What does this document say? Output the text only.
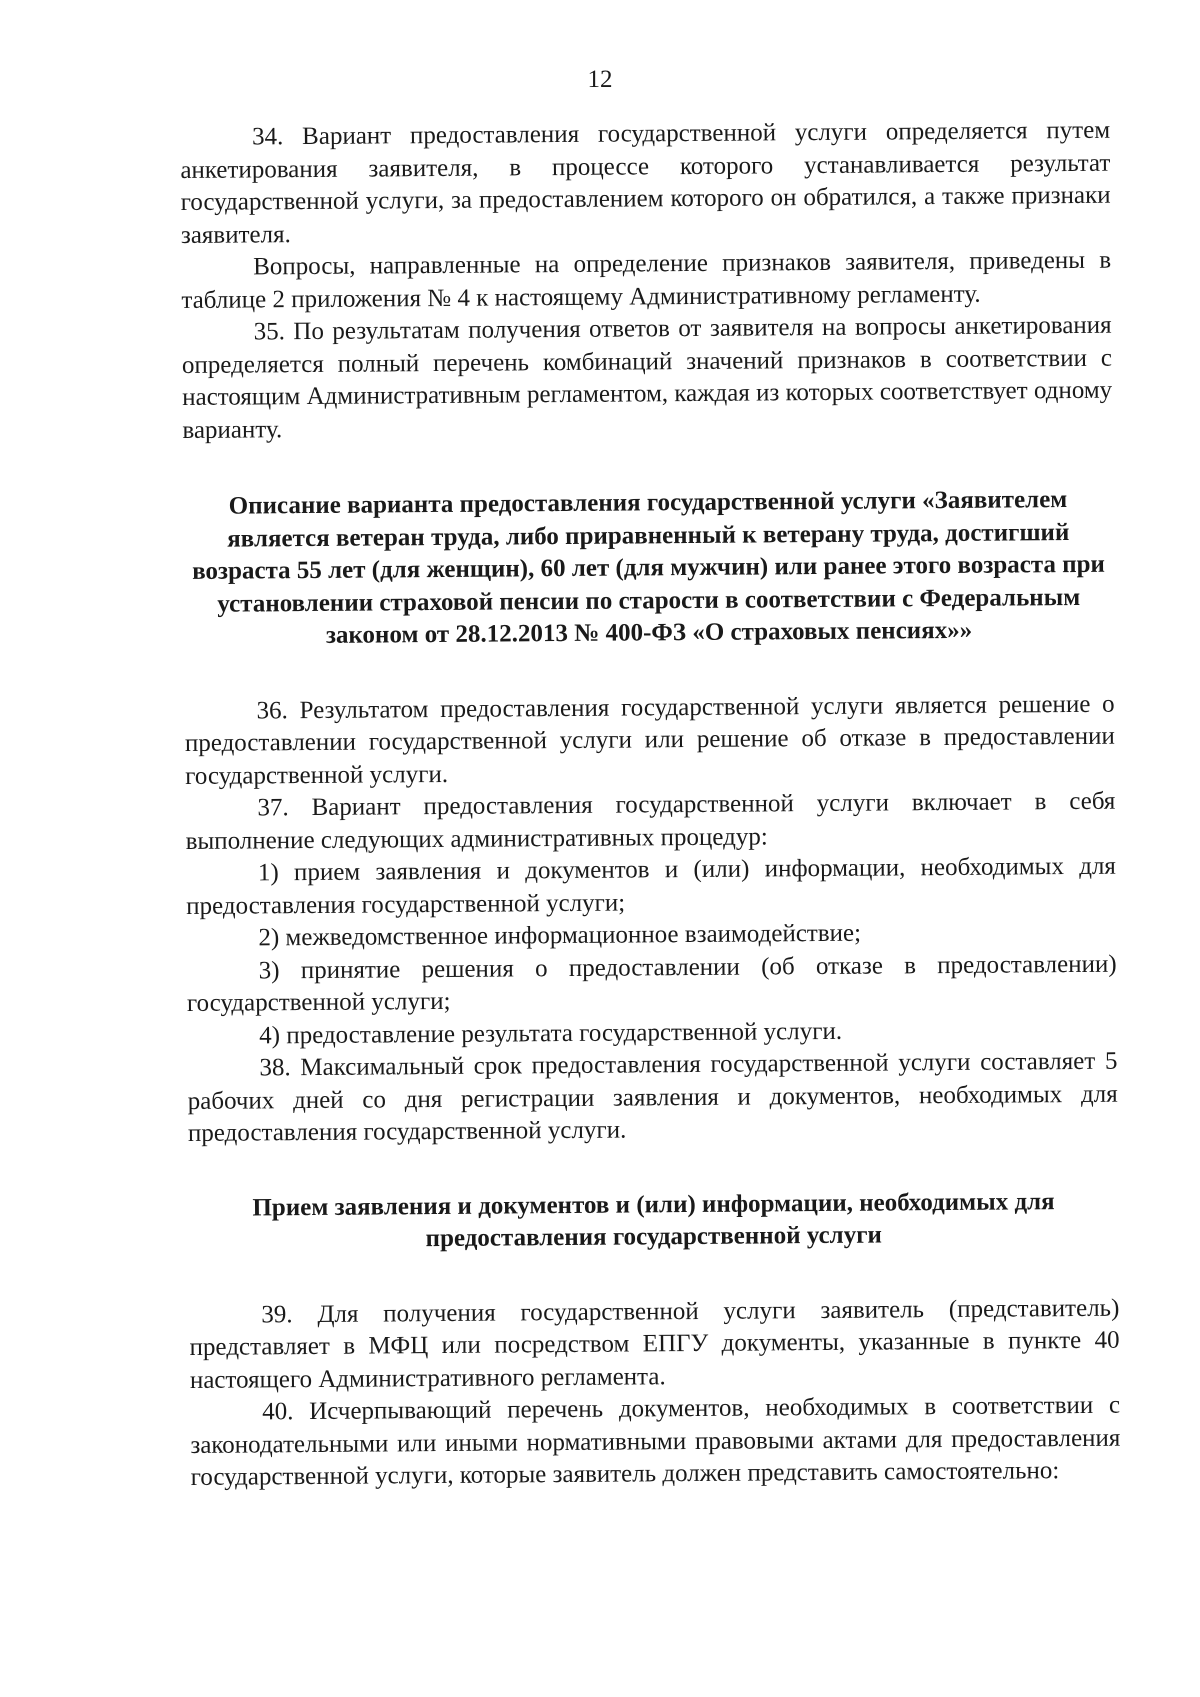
12

34. Вариант предоставления государственной услуги определяется путем анкетирования заявителя, в процессе которого устанавливается результат государственной услуги, за предоставлением которого он обратился, а также признаки заявителя.

Вопросы, направленные на определение признаков заявителя, приведены в таблице 2 приложения № 4 к настоящему Административному регламенту.

35. По результатам получения ответов от заявителя на вопросы анкетирования определяется полный перечень комбинаций значений признаков в соответствии с настоящим Административным регламентом, каждая из которых соответствует одному варианту.

Описание варианта предоставления государственной услуги «Заявителем является ветеран труда, либо приравненный к ветерану труда, достигший возраста 55 лет (для женщин), 60 лет (для мужчин) или ранее этого возраста при установлении страховой пенсии по старости в соответствии с Федеральным законом от 28.12.2013 № 400-ФЗ «О страховых пенсиях»»

36. Результатом предоставления государственной услуги является решение о предоставлении государственной услуги или решение об отказе в предоставлении государственной услуги.

37. Вариант предоставления государственной услуги включает в себя выполнение следующих административных процедур:

1) прием заявления и документов и (или) информации, необходимых для предоставления государственной услуги;

2) межведомственное информационное взаимодействие;

3) принятие решения о предоставлении (об отказе в предоставлении) государственной услуги;

4) предоставление результата государственной услуги.

38. Максимальный срок предоставления государственной услуги составляет 5 рабочих дней со дня регистрации заявления и документов, необходимых для предоставления государственной услуги.

Прием заявления и документов и (или) информации, необходимых для предоставления государственной услуги

39. Для получения государственной услуги заявитель (представитель) представляет в МФЦ или посредством ЕПГУ документы, указанные в пункте 40 настоящего Административного регламента.

40. Исчерпывающий перечень документов, необходимых в соответствии с законодательными или иными нормативными правовыми актами для предоставления государственной услуги, которые заявитель должен представить самостоятельно:
